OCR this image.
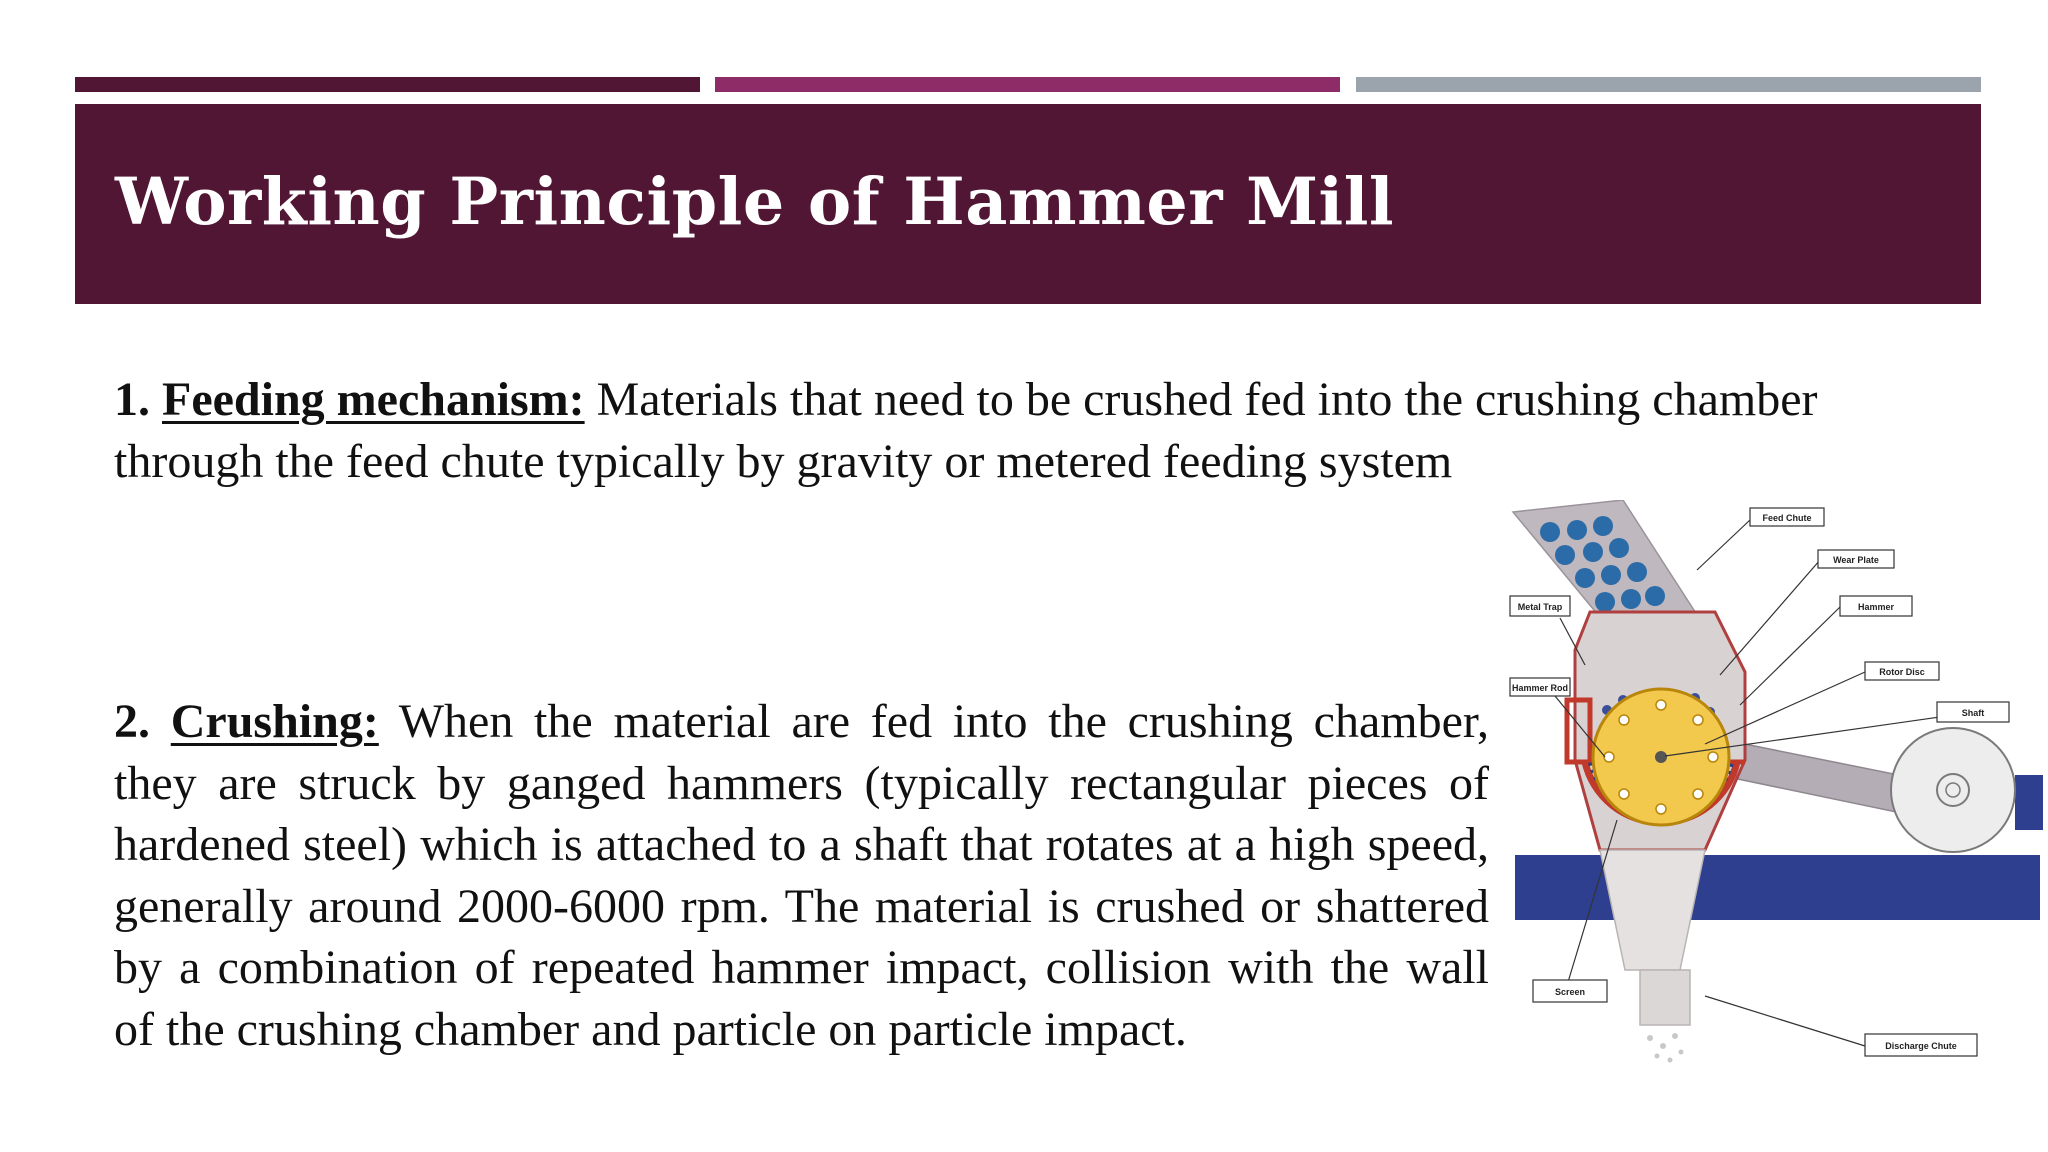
Working Principle of Hammer Mill

1. Feeding mechanism: Materials that need to be crushed fed into the crushing chamber through the feed chute typically by gravity or metered feeding system

2. Crushing: When the material are fed into the crushing chamber, they are struck by ganged hammers (typically rectangular pieces of hardened steel) which is attached to a shaft that rotates at a high speed, generally around 2000-6000 rpm. The material is crushed or shattered by a combination of repeated hammer impact, collision with the wall of the crushing chamber and particle on particle impact.

Feed Chute
Wear Plate
Metal Trap	Hammer
Rotor Disc
Hammer Rod
Shaft
Screen
Discharge Chute
